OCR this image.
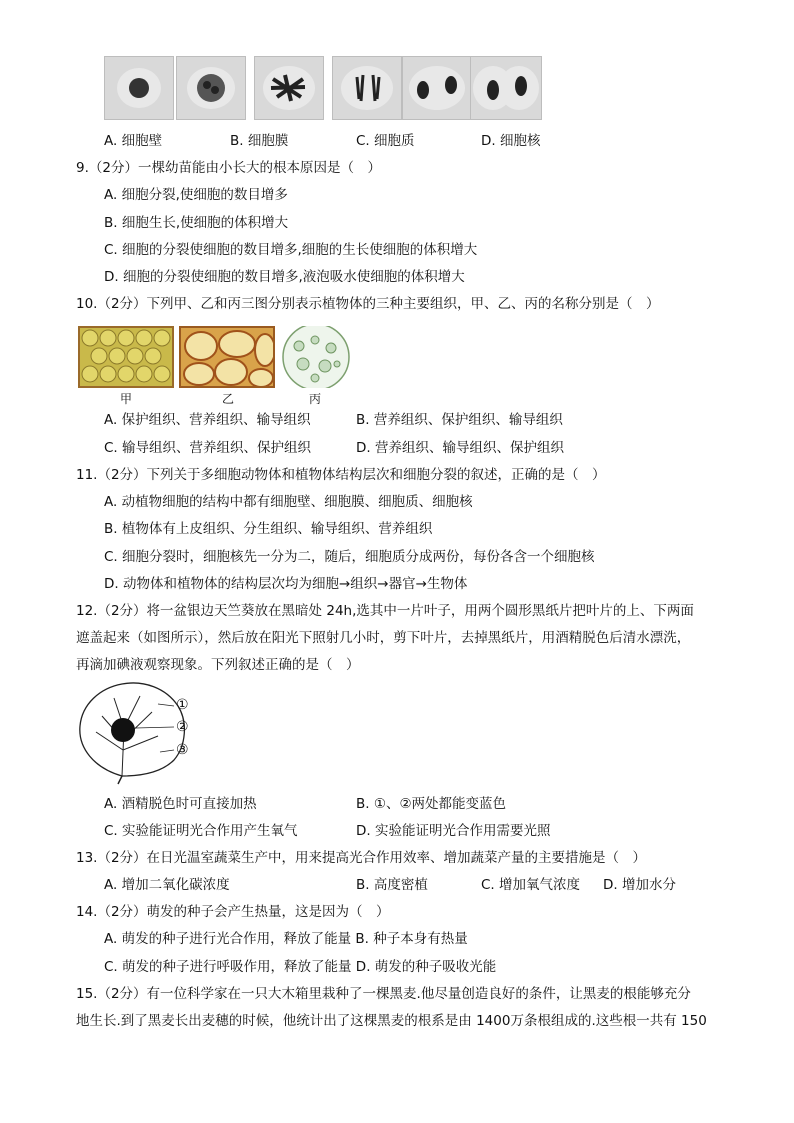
A. 细胞壁	B. 细胞膜	C. 细胞质	D. 细胞核
9.（2分）一棵幼苗能由小长大的根本原因是（　）
A. 细胞分裂,使细胞的数目增多
B. 细胞生长,使细胞的体积增大
C. 细胞的分裂使细胞的数目增多,细胞的生长使细胞的体积增大
D. 细胞的分裂使细胞的数目增多,液泡吸水使细胞的体积增大
10.（2分）下列甲、乙和丙三图分别表示植物体的三种主要组织，甲、乙、丙的名称分别是（　）
甲	乙	丙
A. 保护组织、营养组织、输导组织	B. 营养组织、保护组织、输导组织
C. 输导组织、营养组织、保护组织	D. 营养组织、输导组织、保护组织
11.（2分）下列关于多细胞动物体和植物体结构层次和细胞分裂的叙述，正确的是（　）
A. 动植物细胞的结构中都有细胞壁、细胞膜、细胞质、细胞核
B. 植物体有上皮组织、分生组织、输导组织、营养组织
C. 细胞分裂时，细胞核先一分为二，随后，细胞质分成两份，每份各含一个细胞核
D. 动物体和植物体的结构层次均为细胞→组织→器官→生物体
12.（2分）将一盆银边天竺葵放在黑暗处 24h,选其中一片叶子，用两个圆形黑纸片把叶片的上、下两面
遮盖起来（如图所示），然后放在阳光下照射几小时，剪下叶片，去掉黑纸片，用酒精脱色后清水漂洗，
再滴加碘液观察现象。下列叙述正确的是（　）
①
②
③
A. 酒精脱色时可直接加热	B. ①、②两处都能变蓝色
C. 实验能证明光合作用产生氧气	D. 实验能证明光合作用需要光照
13.（2分）在日光温室蔬菜生产中，用来提高光合作用效率、增加蔬菜产量的主要措施是（　）
A. 增加二氧化碳浓度	B. 高度密植	C. 增加氧气浓度 D. 增加水分
14.（2分）萌发的种子会产生热量，这是因为（　）
A. 萌发的种子进行光合作用，释放了能量 B. 种子本身有热量
C. 萌发的种子进行呼吸作用，释放了能量 D. 萌发的种子吸收光能
15.（2分）有一位科学家在一只大木箱里栽种了一棵黑麦.他尽量创造良好的条件，让黑麦的根能够充分
地生长.到了黑麦长出麦穗的时候，他统计出了这棵黑麦的根系是由 1400万条根组成的.这些根一共有 150
